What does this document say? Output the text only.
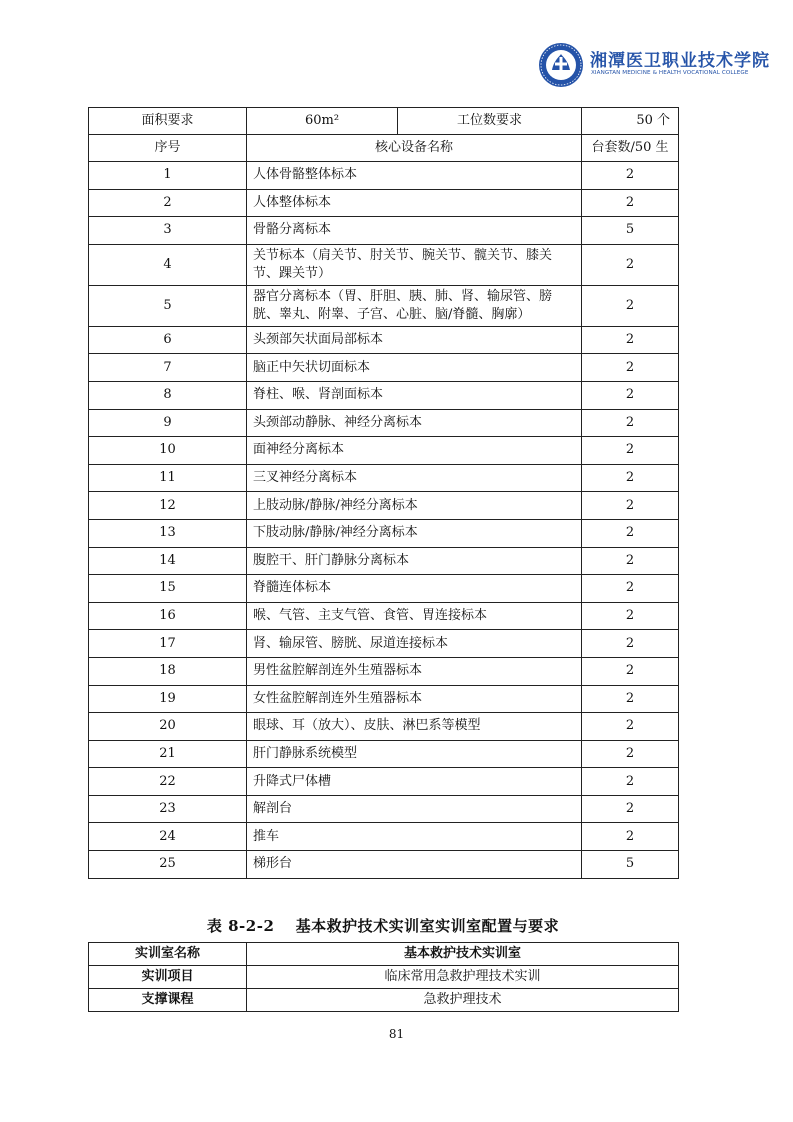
湘潭医卫职业技术学院
XIANGTAN MEDICINE & HEALTH VOCATIONAL COLLEGE
面积要求	60m²	工位数要求	50 个
序号	核心设备名称		台套数/50 生
1	人体骨骼整体标本		2
2	人体整体标本		2
3	骨骼分离标本		5
4	关节标本（肩关节、肘关节、腕关节、髋关节、膝关节、踝关节）		2
5	器官分离标本（胃、肝胆、胰、肺、肾、输尿管、膀胱、睾丸、附睾、子宫、心脏、脑/脊髓、胸廓）		2
6	头颈部矢状面局部标本		2
7	脑正中矢状切面标本		2
8	脊柱、喉、肾剖面标本		2
9	头颈部动静脉、神经分离标本		2
10	面神经分离标本		2
11	三叉神经分离标本		2
12	上肢动脉/静脉/神经分离标本		2
13	下肢动脉/静脉/神经分离标本		2
14	腹腔干、肝门静脉分离标本		2
15	脊髓连体标本		2
16	喉、气管、主支气管、食管、胃连接标本		2
17	肾、输尿管、膀胱、尿道连接标本		2
18	男性盆腔解剖连外生殖器标本		2
19	女性盆腔解剖连外生殖器标本		2
20	眼球、耳（放大）、皮肤、淋巴系等模型		2
21	肝门静脉系统模型		2
22	升降式尸体槽		2
23	解剖台		2
24	推车		2
25	梯形台		5
表 8-2-2　 基本救护技术实训室实训室配置与要求
实训室名称	基本救护技术实训室
实训项目	临床常用急救护理技术实训
支撑课程	急救护理技术
81
